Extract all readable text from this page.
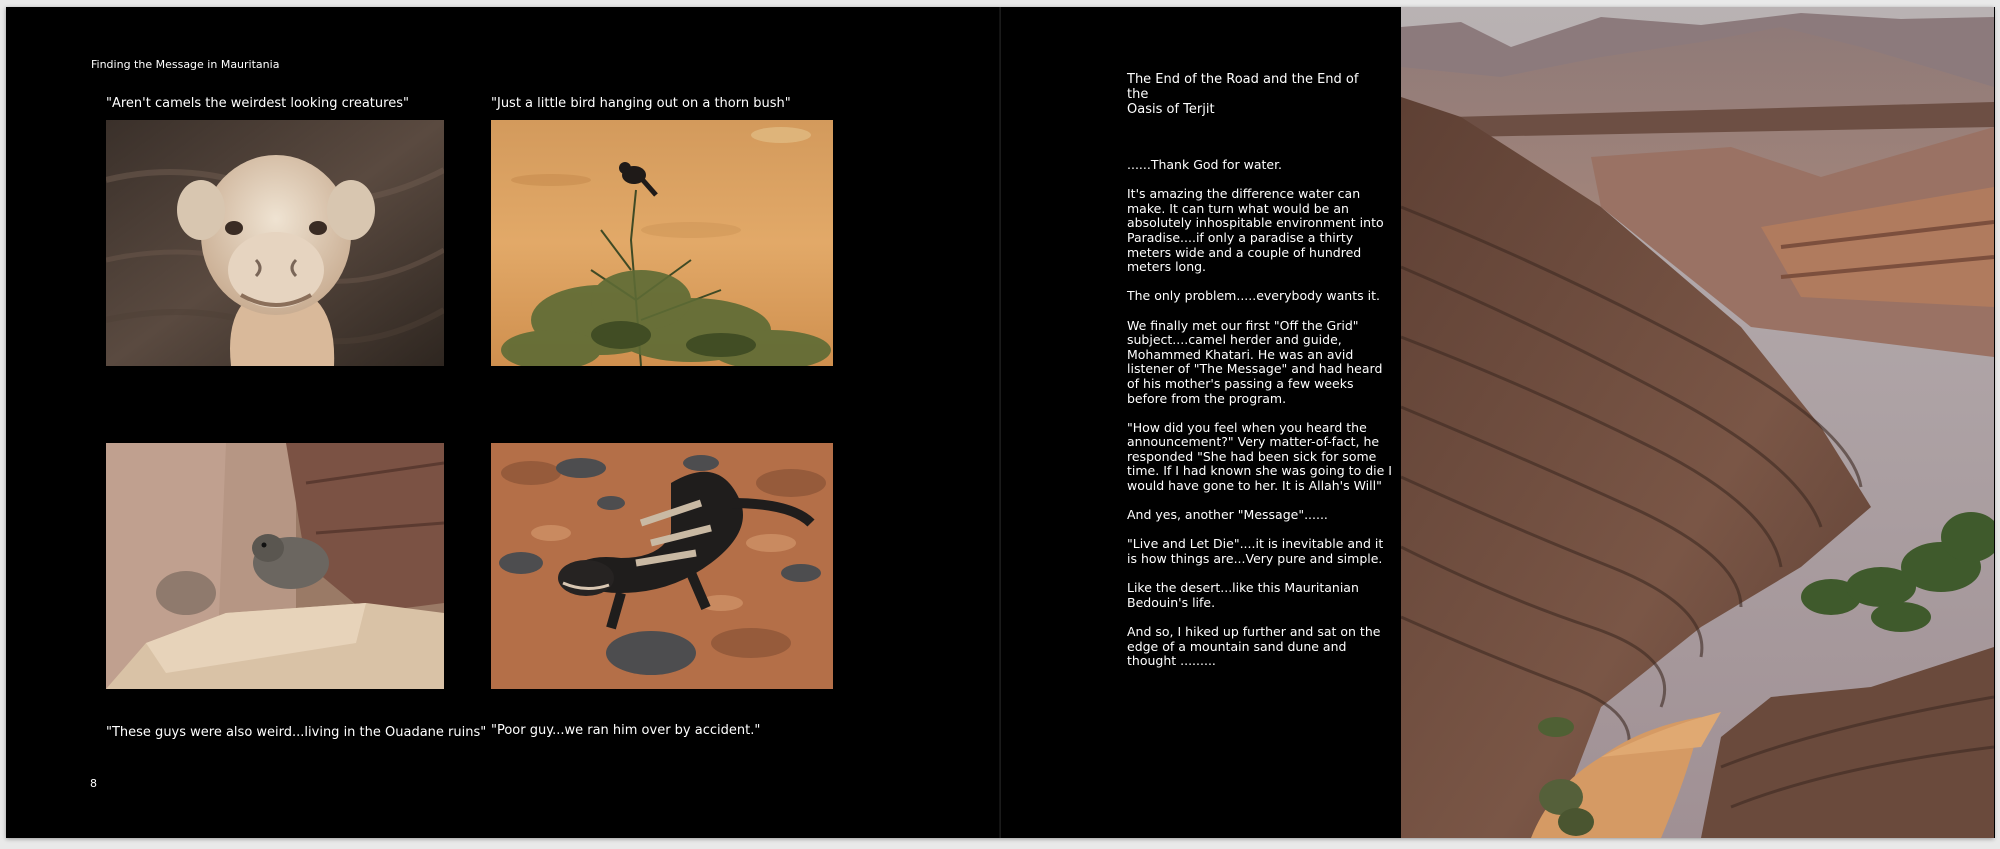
Finding the Message in Mauritania
"Aren't camels the weirdest looking creatures"	"Just a little bird hanging out on a thorn bush"
"These guys were also weird...living in the Ouadane ruins" "Poor guy...we ran him over by accident."
8
The End of the Road and the End of the
Oasis of Terjit

......Thank God for water.

It's amazing the difference water can make. It can turn what would be an absolutely inhospitable environment into Paradise....if only a paradise a thirty meters wide and a couple of hundred meters long.

The only problem.....everybody wants it.

We finally met our first "Off the Grid" subject....camel herder and guide, Mohammed Khatari. He was an avid listener of "The Message" and had heard of his mother's passing a few weeks before from the program.

"How did you feel when you heard the announcement?" Very matter-of-fact, he responded "She had been sick for some time. If I had known she was going to die I would have gone to her. It is Allah's Will"

And yes, another "Message"......

"Live and Let Die"....it is inevitable and it is how things are...Very pure and simple.

Like the desert...like this Mauritanian Bedouin's life.

And so, I hiked up further and sat on the edge of a mountain sand dune and thought .........
